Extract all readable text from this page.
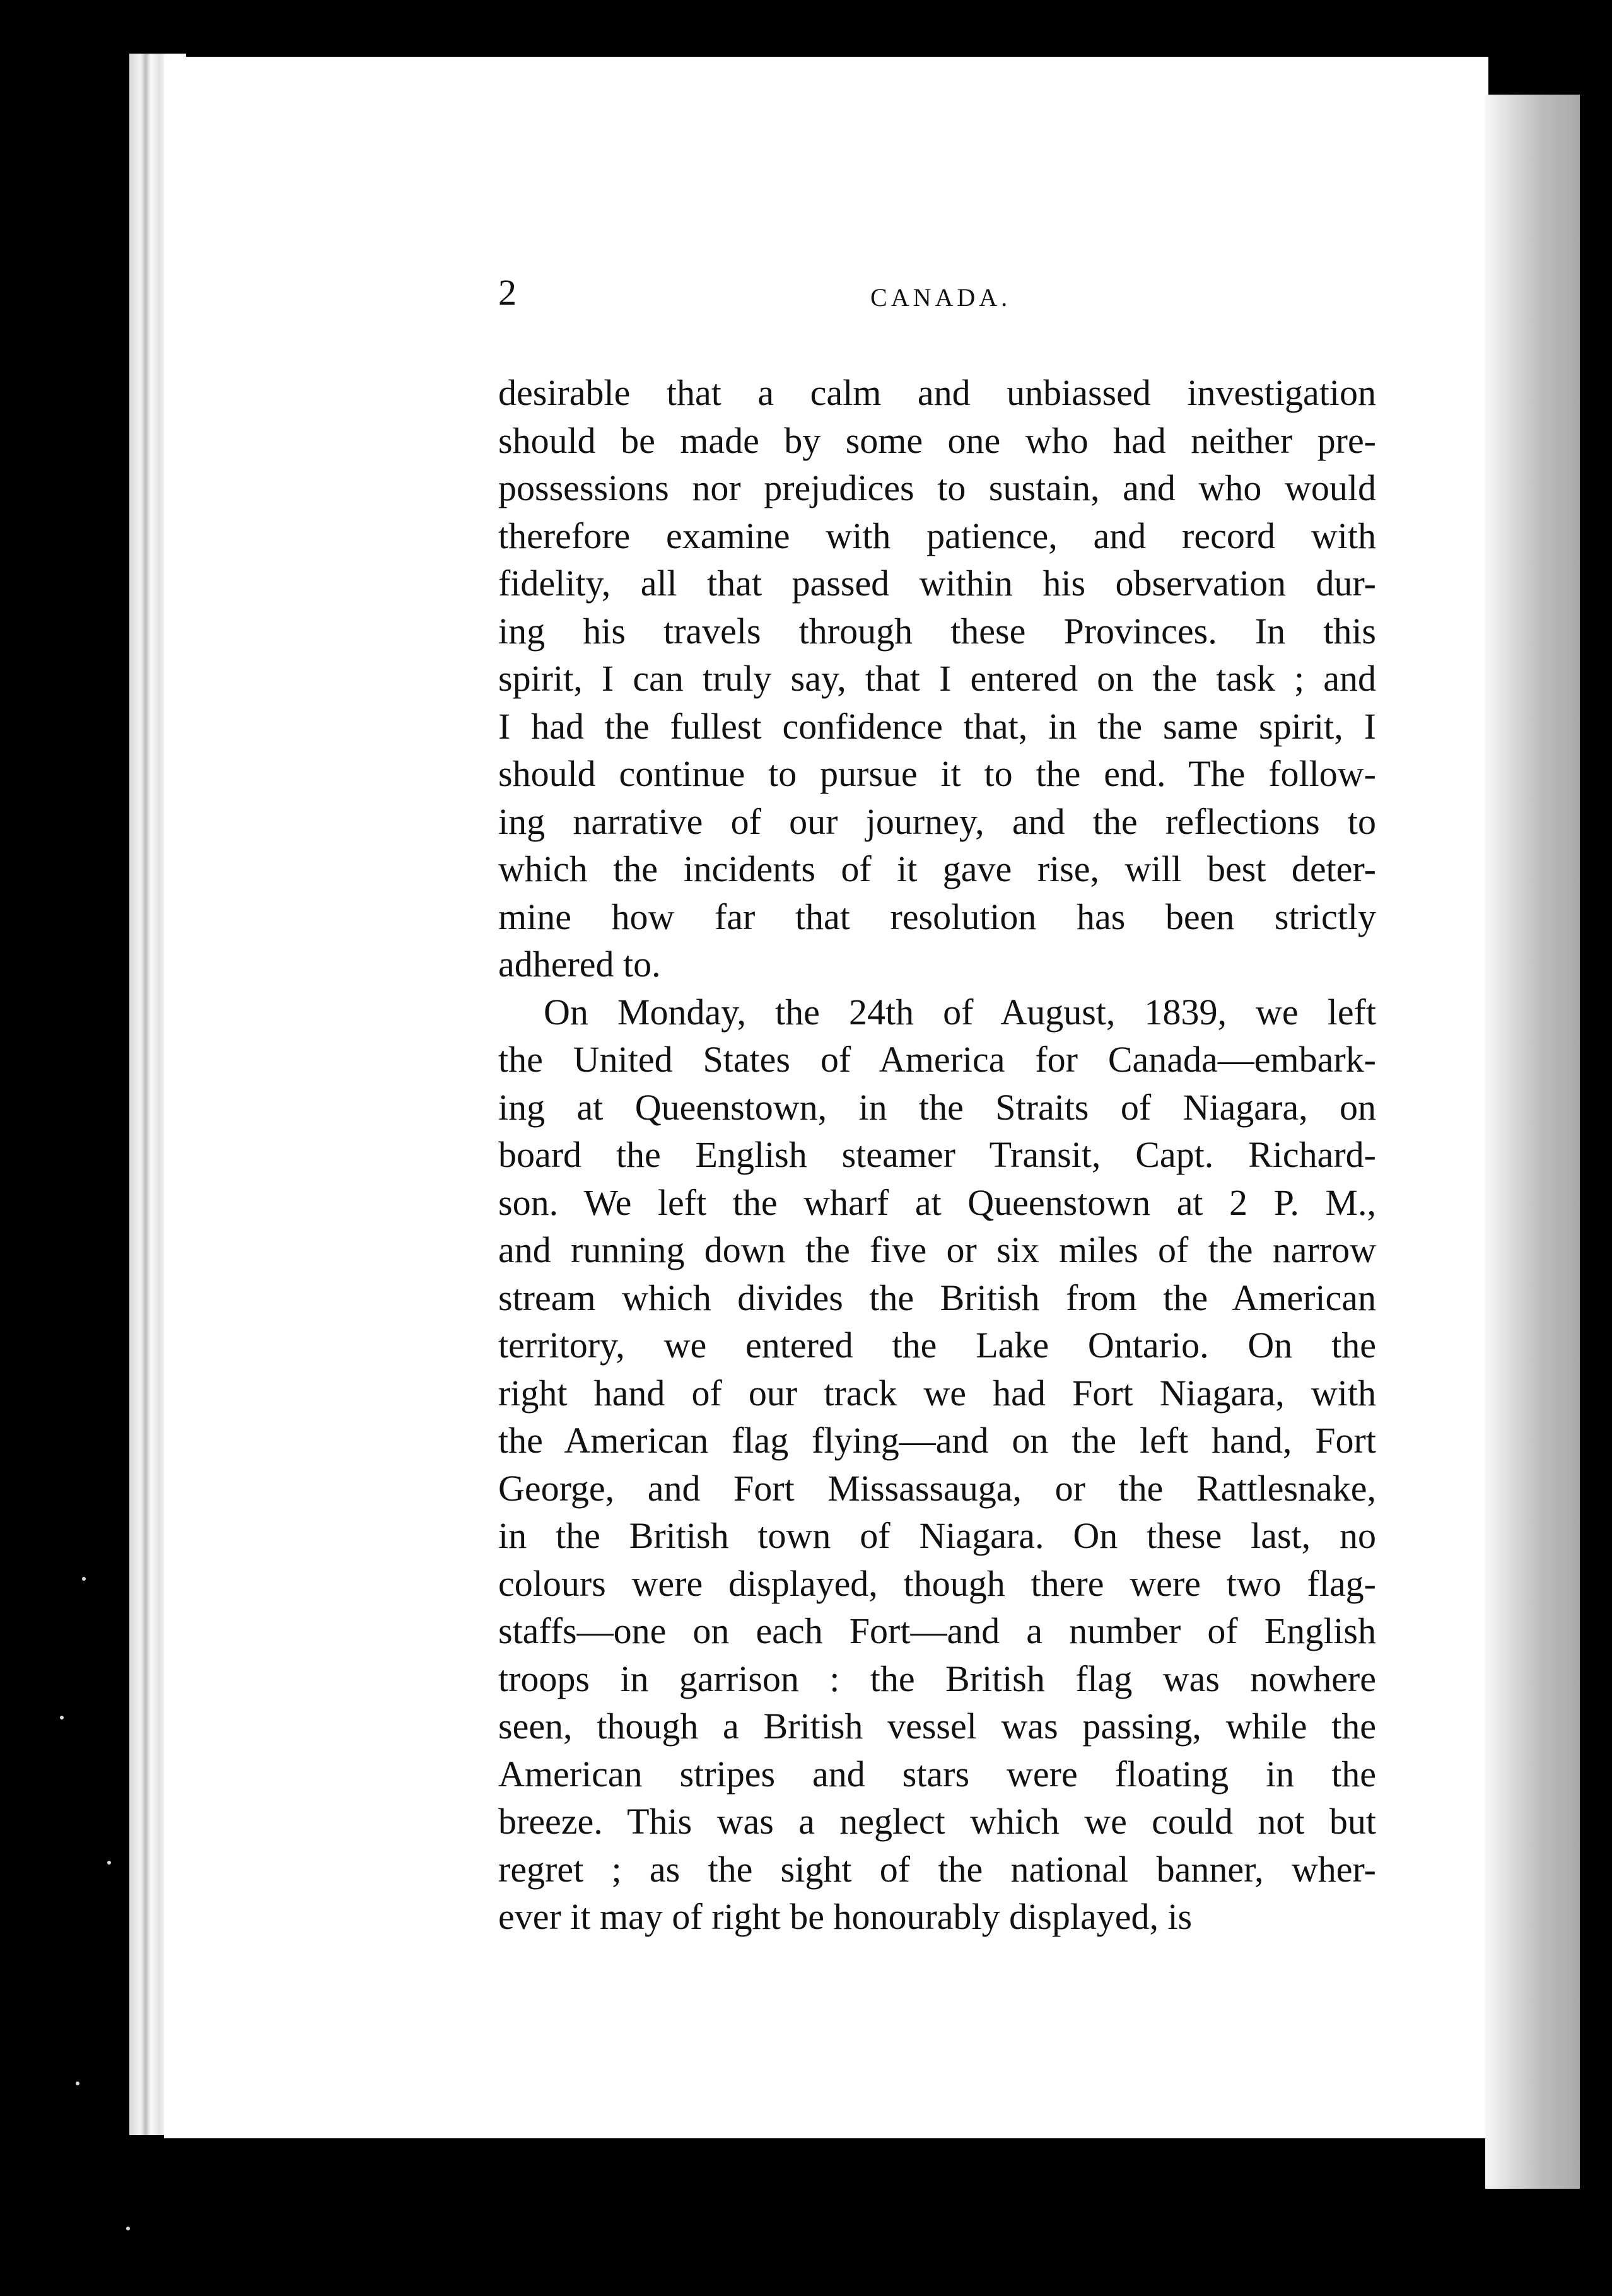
s
'
t
1
S
c
v
2	CANADA.

desirable that a calm and unbiassed investigation
should be made by some one who had neither pre-
possessions nor prejudices to sustain, and who would
therefore examine with patience, and record with
fidelity, all that passed within his observation dur-
ing his travels through these Provinces. In this
spirit, I can truly say, that I entered on the task ; and
I had the fullest confidence that, in the same spirit, I
should continue to pursue it to the end. The follow-
ing narrative of our journey, and the reflections to
which the incidents of it gave rise, will best deter-
mine how far that resolution has been strictly
adhered to.

On Monday, the 24th of August, 1839, we left
the United States of America for Canada—embark-
ing at Queenstown, in the Straits of Niagara, on
board the English steamer Transit, Capt. Richard-
son. We left the wharf at Queenstown at 2 P. M.,
and running down the five or six miles of the narrow
stream which divides the British from the American
territory, we entered the Lake Ontario. On the
right hand of our track we had Fort Niagara, with
the American flag flying—and on the left hand, Fort
George, and Fort Missassauga, or the Rattlesnake,
in the British town of Niagara. On these last, no
colours were displayed, though there were two flag-
staffs—one on each Fort—and a number of English
troops in garrison : the British flag was nowhere
seen, though a British vessel was passing, while the
American stripes and stars were floating in the
breeze. This was a neglect which we could not but
regret ; as the sight of the national banner, wher-
ever it may of right be honourably displayed, is
